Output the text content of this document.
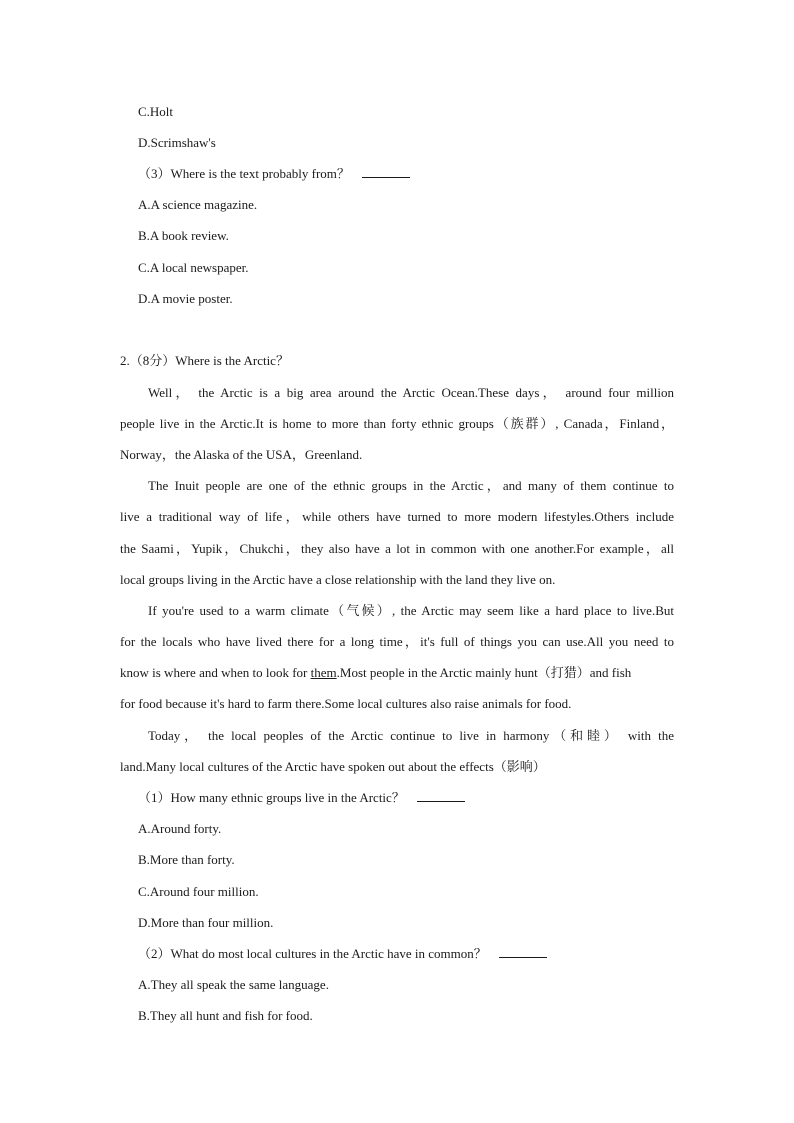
C.Holt
D.Scrimshaw's
（3）Where is the text probably from？
A.A science magazine.
B.A book review.
C.A local newspaper.
D.A movie poster.
2.（8分）Where is the Arctic？
Well， the Arctic is a big area around the Arctic Ocean.These days， around four million
people live in the Arctic.It is home to more than forty ethnic groups（族群）, Canada，Finland，
Norway，the Alaska of the USA，Greenland.
The Inuit people are one of the ethnic groups in the Arctic，and many of them continue to
live a traditional way of life，while others have turned to more modern lifestyles.Others include
the Saami，Yupik，Chukchi，they also have a lot in common with one another.For example，all
local groups living in the Arctic have a close relationship with the land they live on.
If you're used to a warm climate（气候）, the Arctic may seem like a hard place to live.But
for the locals who have lived there for a long time，it's full of things you can use.All you need to
know is where and when to look for them.Most people in the Arctic mainly hunt（打猎）and fish
for food because it's hard to farm there.Some local cultures also raise animals for food.
Today， the local peoples of the Arctic continue to live in harmony（和睦） with the
land.Many local cultures of the Arctic have spoken out about the effects（影响）
（1）How many ethnic groups live in the Arctic？
A.Around forty.
B.More than forty.
C.Around four million.
D.More than four million.
（2）What do most local cultures in the Arctic have in common？
A.They all speak the same language.
B.They all hunt and fish for food.
